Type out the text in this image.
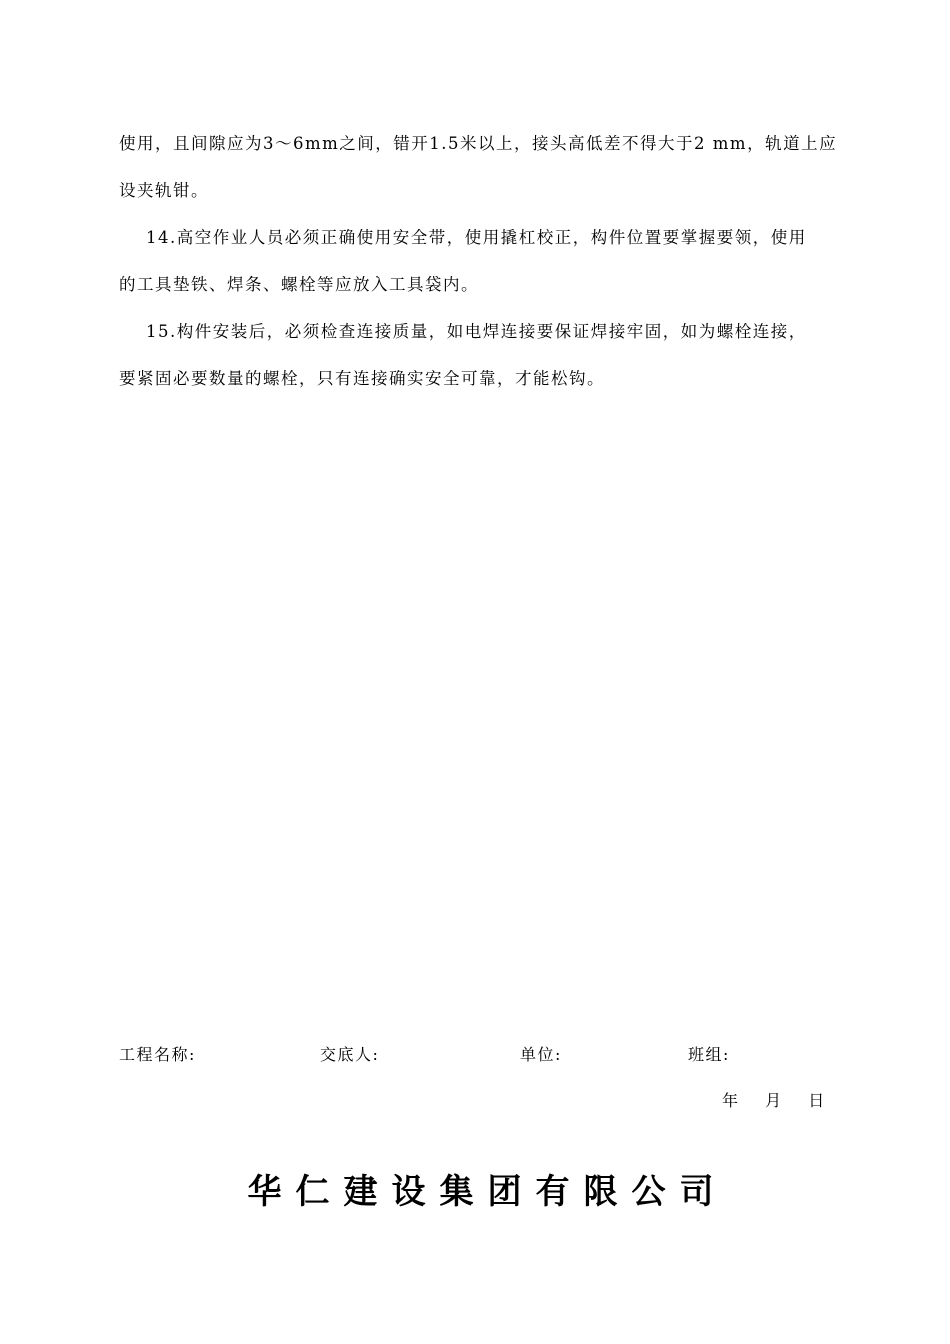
使用，且间隙应为3～6mm之间，错开1.5米以上，接头高低差不得大于2 mm，轨道上应

设夹轨钳。

14.高空作业人员必须正确使用安全带，使用撬杠校正，构件位置要掌握要领，使用

的工具垫铁、焊条、螺栓等应放入工具袋内。

15.构件安装后，必须检查连接质量，如电焊连接要保证焊接牢固，如为螺栓连接，

要紧固必要数量的螺栓，只有连接确实安全可靠，才能松钩。

工程名称:	交底人:	单位:	班组:
年 月 日
华仁建设集团有限公司
